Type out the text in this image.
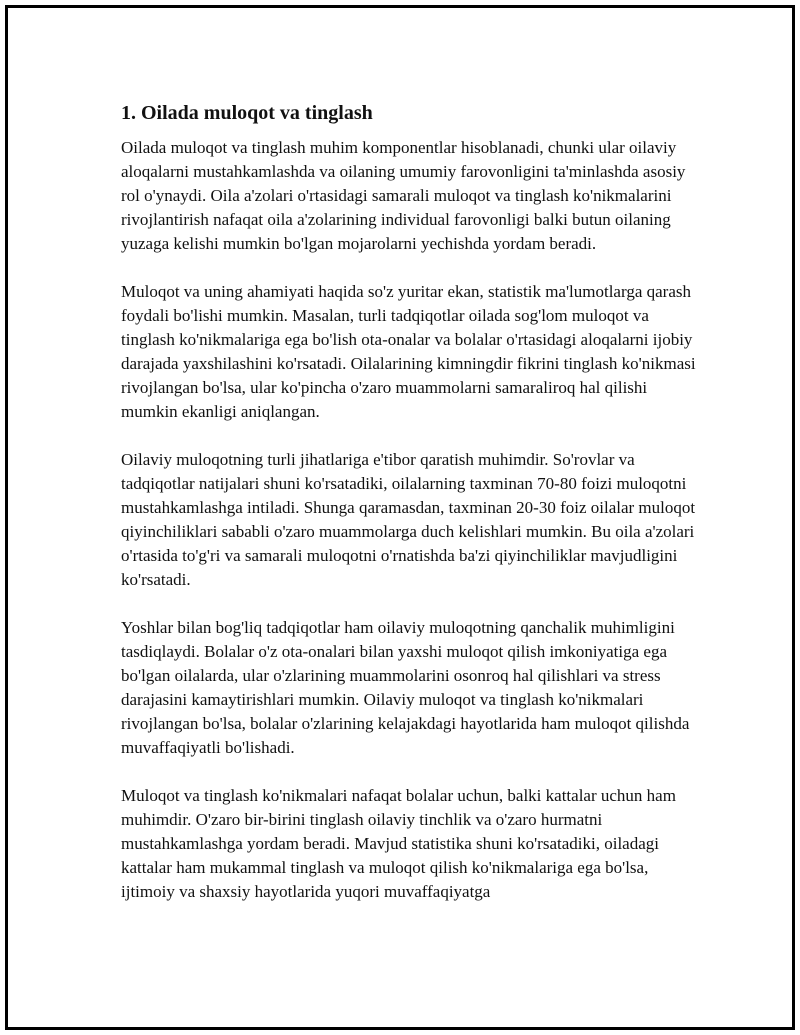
1. Oilada muloqot va tinglash

Oilada muloqot va tinglash muhim komponentlar hisoblanadi, chunki ular oilaviy aloqalarni mustahkamlashda va oilaning umumiy farovonligini ta'minlashda asosiy rol o'ynaydi. Oila a'zolari o'rtasidagi samarali muloqot va tinglash ko'nikmalarini rivojlantirish nafaqat oila a'zolarining individual farovonligi balki butun oilaning yuzaga kelishi mumkin bo'lgan mojarolarni yechishda yordam beradi.

Muloqot va uning ahamiyati haqida so'z yuritar ekan, statistik ma'lumotlarga qarash foydali bo'lishi mumkin. Masalan, turli tadqiqotlar oilada sog'lom muloqot va tinglash ko'nikmalariga ega bo'lish ota-onalar va bolalar o'rtasidagi aloqalarni ijobiy darajada yaxshilashini ko'rsatadi. Oilalarining kimningdir fikrini tinglash ko'nikmasi rivojlangan bo'lsa, ular ko'pincha o'zaro muammolarni samaraliroq hal qilishi mumkin ekanligi aniqlangan.

Oilaviy muloqotning turli jihatlariga e'tibor qaratish muhimdir. So'rovlar va tadqiqotlar natijalari shuni ko'rsatadiki, oilalarning taxminan 70-80 foizi muloqotni mustahkamlashga intiladi. Shunga qaramasdan, taxminan 20-30 foiz oilalar muloqot qiyinchiliklari sababli o'zaro muammolarga duch kelishlari mumkin. Bu oila a'zolari o'rtasida to'g'ri va samarali muloqotni o'rnatishda ba'zi qiyinchiliklar mavjudligini ko'rsatadi.

Yoshlar bilan bog'liq tadqiqotlar ham oilaviy muloqotning qanchalik muhimligini tasdiqlaydi. Bolalar o'z ota-onalari bilan yaxshi muloqot qilish imkoniyatiga ega bo'lgan oilalarda, ular o'zlarining muammolarini osonroq hal qilishlari va stress darajasini kamaytirishlari mumkin. Oilaviy muloqot va tinglash ko'nikmalari rivojlangan bo'lsa, bolalar o'zlarining kelajakdagi hayotlarida ham muloqot qilishda muvaffaqiyatli bo'lishadi.

Muloqot va tinglash ko'nikmalari nafaqat bolalar uchun, balki kattalar uchun ham muhimdir. O'zaro bir-birini tinglash oilaviy tinchlik va o'zaro hurmatni mustahkamlashga yordam beradi. Mavjud statistika shuni ko'rsatadiki, oiladagi kattalar ham mukammal tinglash va muloqot qilish ko'nikmalariga ega bo'lsa, ijtimoiy va shaxsiy hayotlarida yuqori muvaffaqiyatga
